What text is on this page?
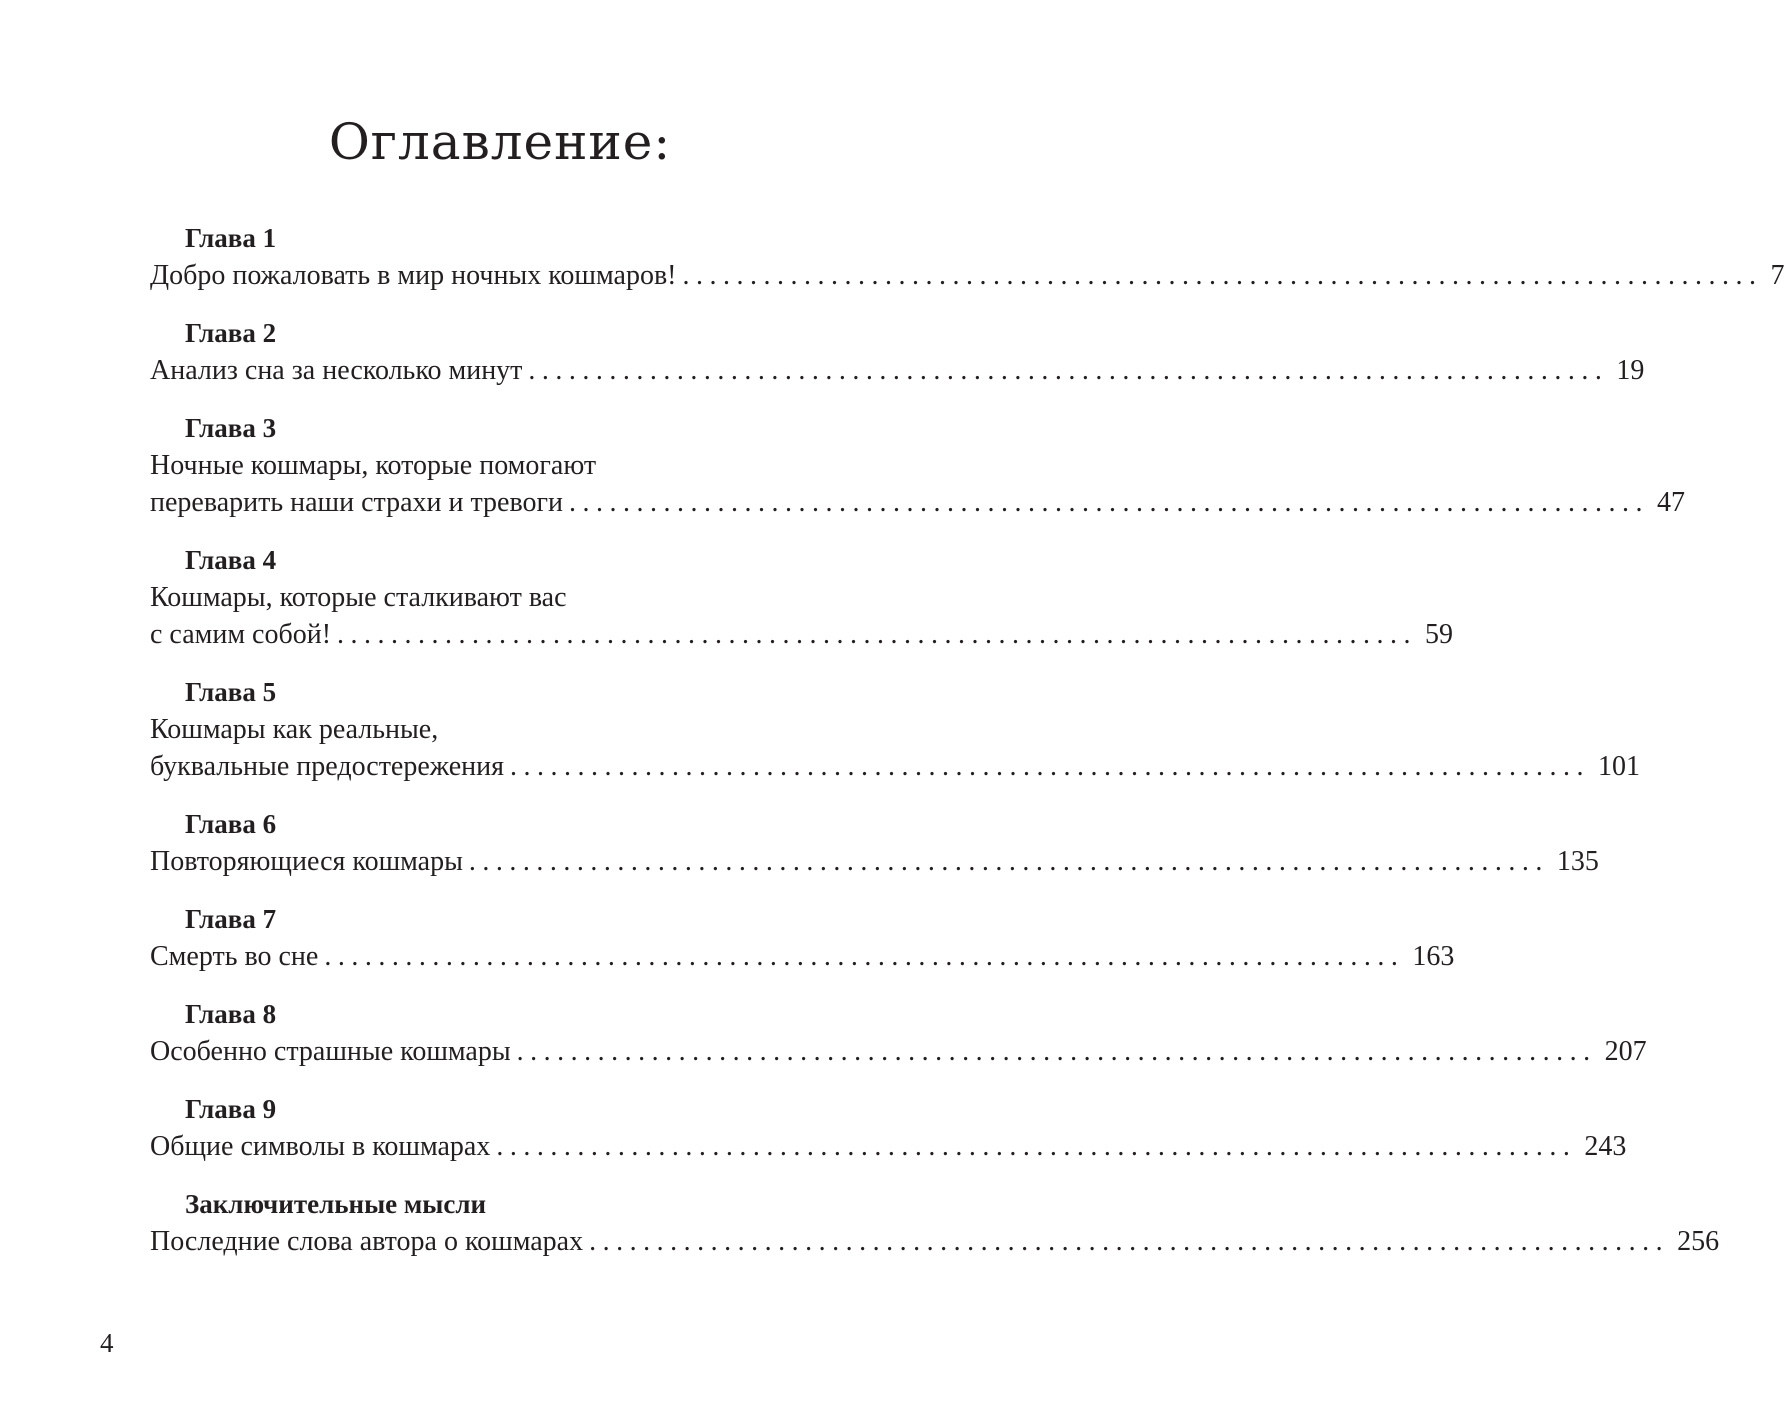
Оглавление:
Глава 1
Добро пожаловать в мир ночных кошмаров! ................................................................................ 7
Глава 2
Анализ сна за несколько минут ................................................................................ 19
Глава 3
Ночные кошмары, которые помогают
переварить наши страхи и тревоги ................................................................................ 47
Глава 4
Кошмары, которые сталкивают вас
с самим собой! ................................................................................ 59
Глава 5
Кошмары как реальные,
буквальные предостережения ................................................................................ 101
Глава 6
Повторяющиеся кошмары ................................................................................ 135
Глава 7
Смерть во сне ................................................................................ 163
Глава 8
Особенно страшные кошмары ................................................................................ 207
Глава 9
Общие символы в кошмарах ................................................................................ 243
Заключительные мысли
Последние слова автора о кошмарах ................................................................................ 256
4
